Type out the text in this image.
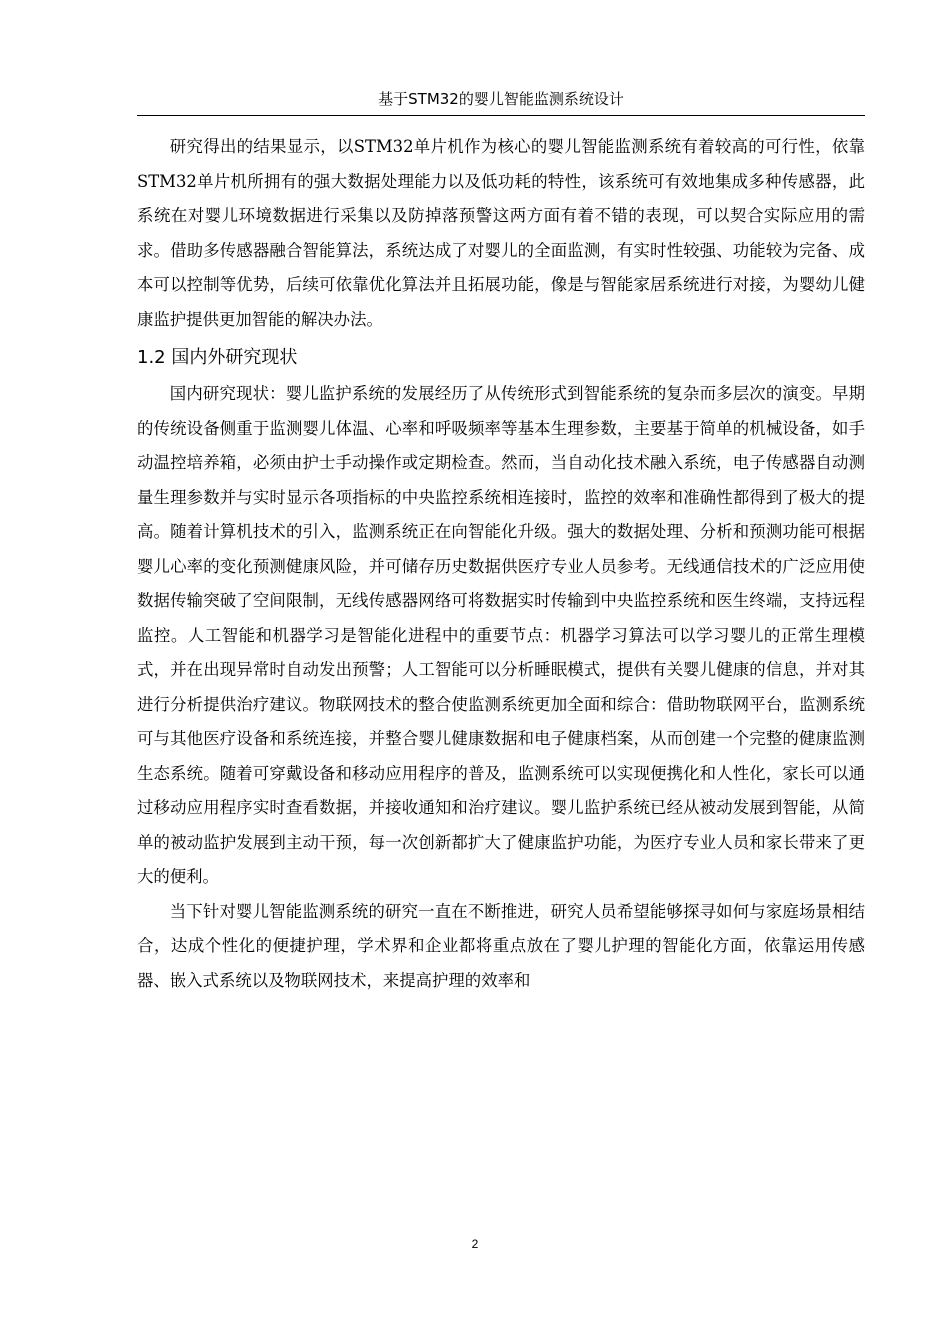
基于STM32的婴儿智能监测系统设计

研究得出的结果显示，以STM32单片机作为核心的婴儿智能监测系统有着较高的可行性，依靠STM32单片机所拥有的强大数据处理能力以及低功耗的特性，该系统可有效地集成多种传感器，此系统在对婴儿环境数据进行采集以及防掉落预警这两方面有着不错的表现，可以契合实际应用的需求。借助多传感器融合智能算法，系统达成了对婴儿的全面监测，有实时性较强、功能较为完备、成本可以控制等优势，后续可依靠优化算法并且拓展功能，像是与智能家居系统进行对接，为婴幼儿健康监护提供更加智能的解决办法。

1.2 国内外研究现状

国内研究现状：婴儿监护系统的发展经历了从传统形式到智能系统的复杂而多层次的演变。早期的传统设备侧重于监测婴儿体温、心率和呼吸频率等基本生理参数，主要基于简单的机械设备，如手动温控培养箱，必须由护士手动操作或定期检查。然而，当自动化技术融入系统，电子传感器自动测量生理参数并与实时显示各项指标的中央监控系统相连接时，监控的效率和准确性都得到了极大的提高。随着计算机技术的引入，监测系统正在向智能化升级。强大的数据处理、分析和预测功能可根据婴儿心率的变化预测健康风险，并可储存历史数据供医疗专业人员参考。无线通信技术的广泛应用使数据传输突破了空间限制，无线传感器网络可将数据实时传输到中央监控系统和医生终端，支持远程监控。人工智能和机器学习是智能化进程中的重要节点：机器学习算法可以学习婴儿的正常生理模式，并在出现异常时自动发出预警；人工智能可以分析睡眠模式，提供有关婴儿健康的信息，并对其进行分析提供治疗建议。物联网技术的整合使监测系统更加全面和综合：借助物联网平台，监测系统可与其他医疗设备和系统连接，并整合婴儿健康数据和电子健康档案，从而创建一个完整的健康监测生态系统。随着可穿戴设备和移动应用程序的普及，监测系统可以实现便携化和人性化，家长可以通过移动应用程序实时查看数据，并接收通知和治疗建议。婴儿监护系统已经从被动发展到智能，从简单的被动监护发展到主动干预，每一次创新都扩大了健康监护功能，为医疗专业人员和家长带来了更大的便利。

当下针对婴儿智能监测系统的研究一直在不断推进，研究人员希望能够探寻如何与家庭场景相结合，达成个性化的便捷护理，学术界和企业都将重点放在了婴儿护理的智能化方面，依靠运用传感器、嵌入式系统以及物联网技术，来提高护理的效率和

2
